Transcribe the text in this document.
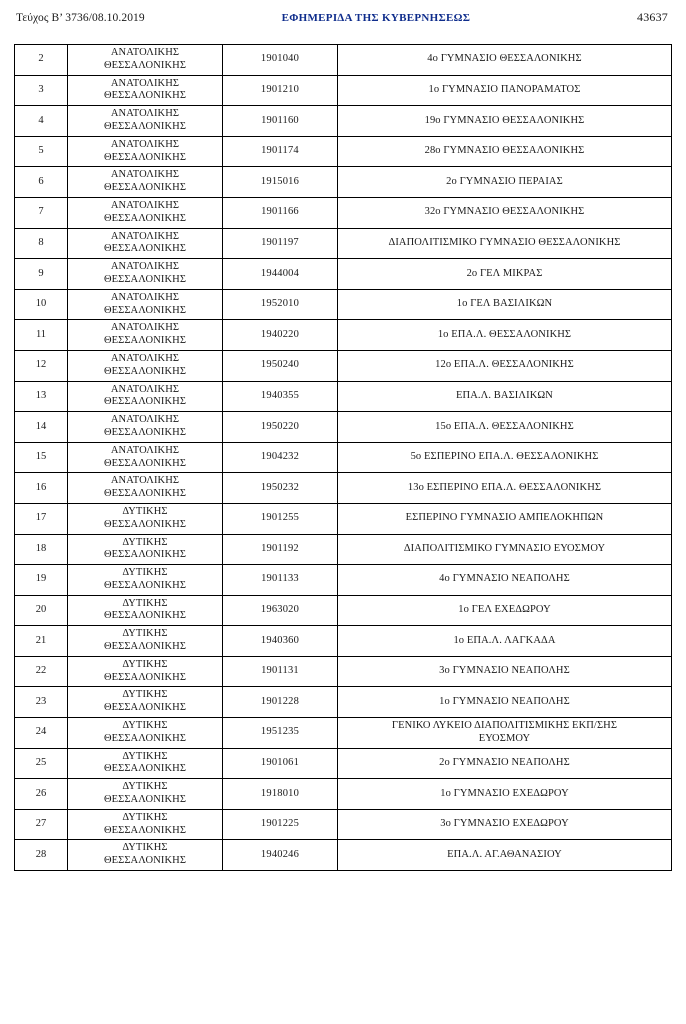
Τεύχος Β’ 3736/08.10.2019	ΕΦΗΜΕΡΙ∆Α ΤΗΣ ΚΥΒΕΡΝΗΣΕΩΣ	43637
2	ΑΝΑΤΟΛΙΚΗΣ
ΘΕΣΣΑΛΟΝΙΚΗΣ	1901040	4ο ΓΥΜΝΑΣΙΟ ΘΕΣΣΑΛΟΝΙΚΗΣ

3	ΑΝΑΤΟΛΙΚΗΣ
ΘΕΣΣΑΛΟΝΙΚΗΣ	1901210	1ο ΓΥΜΝΑΣΙΟ ΠΑΝΟΡΑΜΑΤΟΣ

4	ΑΝΑΤΟΛΙΚΗΣ
ΘΕΣΣΑΛΟΝΙΚΗΣ	1901160	19ο ΓΥΜΝΑΣΙΟ ΘΕΣΣΑΛΟΝΙΚΗΣ

5	ΑΝΑΤΟΛΙΚΗΣ
ΘΕΣΣΑΛΟΝΙΚΗΣ	1901174	28ο ΓΥΜΝΑΣΙΟ ΘΕΣΣΑΛΟΝΙΚΗΣ

6	ΑΝΑΤΟΛΙΚΗΣ
ΘΕΣΣΑΛΟΝΙΚΗΣ	1915016	2ο ΓΥΜΝΑΣΙΟ ΠΕΡΑΙΑΣ

7	ΑΝΑΤΟΛΙΚΗΣ
ΘΕΣΣΑΛΟΝΙΚΗΣ	1901166	32ο ΓΥΜΝΑΣΙΟ ΘΕΣΣΑΛΟΝΙΚΗΣ

8	ΑΝΑΤΟΛΙΚΗΣ
ΘΕΣΣΑΛΟΝΙΚΗΣ	1901197	ΔΙΑΠΟΛΙΤΙΣΜΙΚΟ ΓΥΜΝΑΣΙΟ ΘΕΣΣΑΛΟΝΙΚΗΣ

9	ΑΝΑΤΟΛΙΚΗΣ
ΘΕΣΣΑΛΟΝΙΚΗΣ	1944004	2ο ΓΕΛ ΜΙΚΡΑΣ

10	ΑΝΑΤΟΛΙΚΗΣ
ΘΕΣΣΑΛΟΝΙΚΗΣ	1952010	1ο ΓΕΛ ΒΑΣΙΛΙΚΩΝ

11	ΑΝΑΤΟΛΙΚΗΣ
ΘΕΣΣΑΛΟΝΙΚΗΣ	1940220	1ο ΕΠΑ.Λ. ΘΕΣΣΑΛΟΝΙΚΗΣ

12	ΑΝΑΤΟΛΙΚΗΣ
ΘΕΣΣΑΛΟΝΙΚΗΣ	1950240	12ο ΕΠΑ.Λ. ΘΕΣΣΑΛΟΝΙΚΗΣ

13	ΑΝΑΤΟΛΙΚΗΣ
ΘΕΣΣΑΛΟΝΙΚΗΣ	1940355	ΕΠΑ.Λ. ΒΑΣΙΛΙΚΩΝ

14	ΑΝΑΤΟΛΙΚΗΣ
ΘΕΣΣΑΛΟΝΙΚΗΣ	1950220	15ο ΕΠΑ.Λ. ΘΕΣΣΑΛΟΝΙΚΗΣ

15	ΑΝΑΤΟΛΙΚΗΣ
ΘΕΣΣΑΛΟΝΙΚΗΣ	1904232	5ο ΕΣΠΕΡΙΝΟ ΕΠΑ.Λ. ΘΕΣΣΑΛΟΝΙΚΗΣ

16	ΑΝΑΤΟΛΙΚΗΣ
ΘΕΣΣΑΛΟΝΙΚΗΣ	1950232	13ο ΕΣΠΕΡΙΝΟ ΕΠΑ.Λ. ΘΕΣΣΑΛΟΝΙΚΗΣ

17	ΔΥΤΙΚΗΣ
ΘΕΣΣΑΛΟΝΙΚΗΣ	1901255	ΕΣΠΕΡΙΝΟ ΓΥΜΝΑΣΙΟ ΑΜΠΕΛΟΚΗΠΩΝ

18	ΔΥΤΙΚΗΣ
ΘΕΣΣΑΛΟΝΙΚΗΣ	1901192	ΔΙΑΠΟΛΙΤΙΣΜΙΚΟ ΓΥΜΝΑΣΙΟ ΕΥΟΣΜΟΥ

19	ΔΥΤΙΚΗΣ
ΘΕΣΣΑΛΟΝΙΚΗΣ	1901133	4ο ΓΥΜΝΑΣΙΟ ΝΕΑΠΟΛΗΣ

20	ΔΥΤΙΚΗΣ
ΘΕΣΣΑΛΟΝΙΚΗΣ	1963020	1ο ΓΕΛ ΕΧΕΔΩΡΟΥ

21	ΔΥΤΙΚΗΣ
ΘΕΣΣΑΛΟΝΙΚΗΣ	1940360	1ο ΕΠΑ.Λ. ΛΑΓΚΑΔΑ

22	ΔΥΤΙΚΗΣ
ΘΕΣΣΑΛΟΝΙΚΗΣ	1901131	3ο ΓΥΜΝΑΣΙΟ ΝΕΑΠΟΛΗΣ

23	ΔΥΤΙΚΗΣ
ΘΕΣΣΑΛΟΝΙΚΗΣ	1901228	1ο ΓΥΜΝΑΣΙΟ ΝΕΑΠΟΛΗΣ

24	ΔΥΤΙΚΗΣ
ΘΕΣΣΑΛΟΝΙΚΗΣ	1951235	ΓΕΝΙΚΟ ΛΥΚΕΙΟ ΔΙΑΠΟΛΙΤΙΣΜΙΚΗΣ ΕΚΠ/ΣΗΣ
ΕΥΟΣΜΟΥ

25	ΔΥΤΙΚΗΣ
ΘΕΣΣΑΛΟΝΙΚΗΣ	1901061	2ο ΓΥΜΝΑΣΙΟ ΝΕΑΠΟΛΗΣ

26	ΔΥΤΙΚΗΣ
ΘΕΣΣΑΛΟΝΙΚΗΣ	1918010	1ο ΓΥΜΝΑΣΙΟ ΕΧΕΔΩΡΟΥ

27	ΔΥΤΙΚΗΣ
ΘΕΣΣΑΛΟΝΙΚΗΣ	1901225	3ο ΓΥΜΝΑΣΙΟ ΕΧΕΔΩΡΟΥ

28	ΔΥΤΙΚΗΣ
ΘΕΣΣΑΛΟΝΙΚΗΣ	1940246	ΕΠΑ.Λ. ΑΓ.ΑΘΑΝΑΣΙΟΥ
